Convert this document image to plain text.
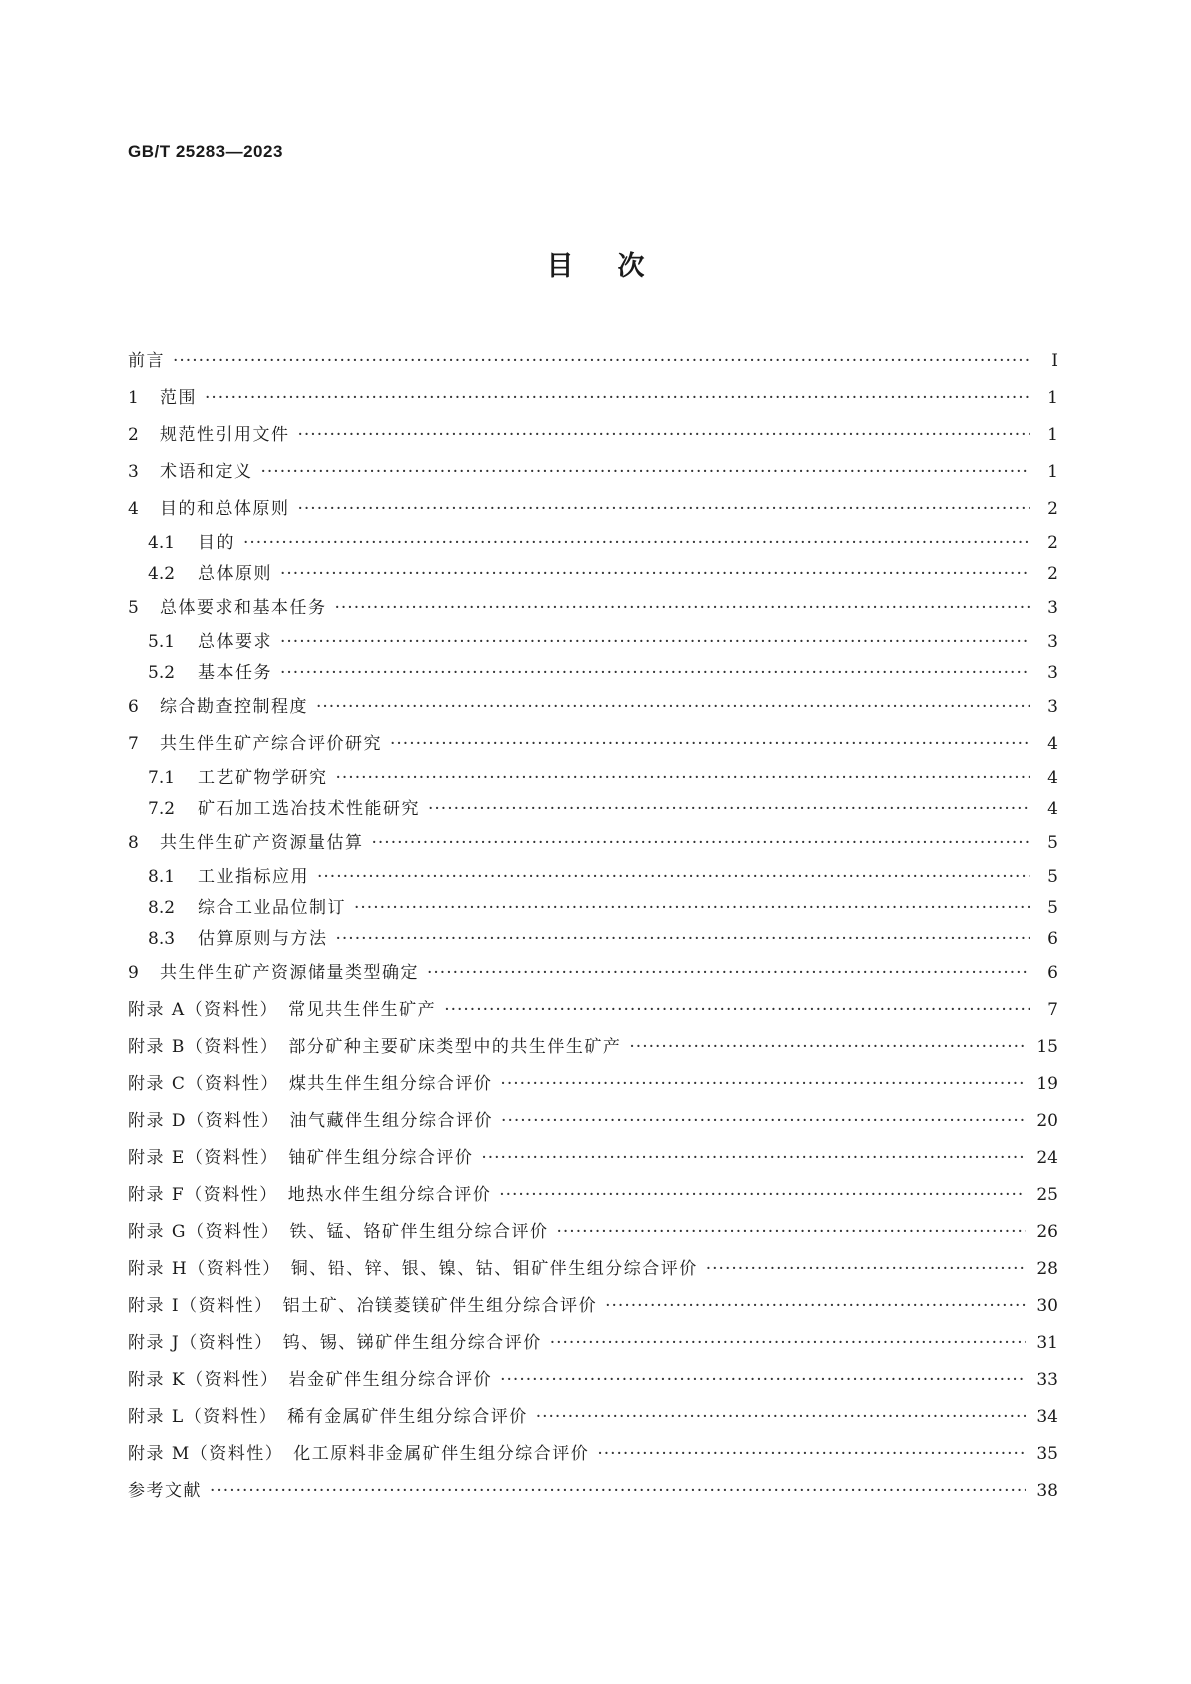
GB/T 25283—2023
目次
前言 ·····	Ⅰ
1	范围 ·····	1
2	规范性引用文件 ·····	1
3	术语和定义 ·····	1
4	目的和总体原则 ·····	2
4.1	目的 ·····	2
4.2	总体原则 ·····	2
5	总体要求和基本任务 ·····	3
5.1	总体要求 ·····	3
5.2	基本任务 ·····	3
6	综合勘查控制程度 ·····	3
7	共生伴生矿产综合评价研究 ·····	4
7.1	工艺矿物学研究 ·····	4
7.2	矿石加工选冶技术性能研究 ·····	4
8	共生伴生矿产资源量估算 ·····	5
8.1	工业指标应用 ·····	5
8.2	综合工业品位制订 ·····	5
8.3	估算原则与方法 ·····	6
9	共生伴生矿产资源储量类型确定 ·····	6
附录 A（资料性）　常见共生伴生矿产 ·····	7
附录 B（资料性）　部分矿种主要矿床类型中的共生伴生矿产 ·····	15
附录 C（资料性）　煤共生伴生组分综合评价 ·····	19
附录 D（资料性）　油气藏伴生组分综合评价 ·····	20
附录 E（资料性）　铀矿伴生组分综合评价 ·····	24
附录 F（资料性）　地热水伴生组分综合评价 ·····	25
附录 G（资料性）　铁、锰、铬矿伴生组分综合评价 ·····	26
附录 H（资料性）　铜、铅、锌、银、镍、钴、钼矿伴生组分综合评价 ·····	28
附录 I（资料性）　铝土矿、冶镁菱镁矿伴生组分综合评价 ·····	30
附录 J（资料性）　钨、锡、锑矿伴生组分综合评价 ·····	31
附录 K（资料性）　岩金矿伴生组分综合评价 ·····	33
附录 L（资料性）　稀有金属矿伴生组分综合评价 ·····	34
附录 M（资料性）　化工原料非金属矿伴生组分综合评价 ·····	35
参考文献 ·····	38
